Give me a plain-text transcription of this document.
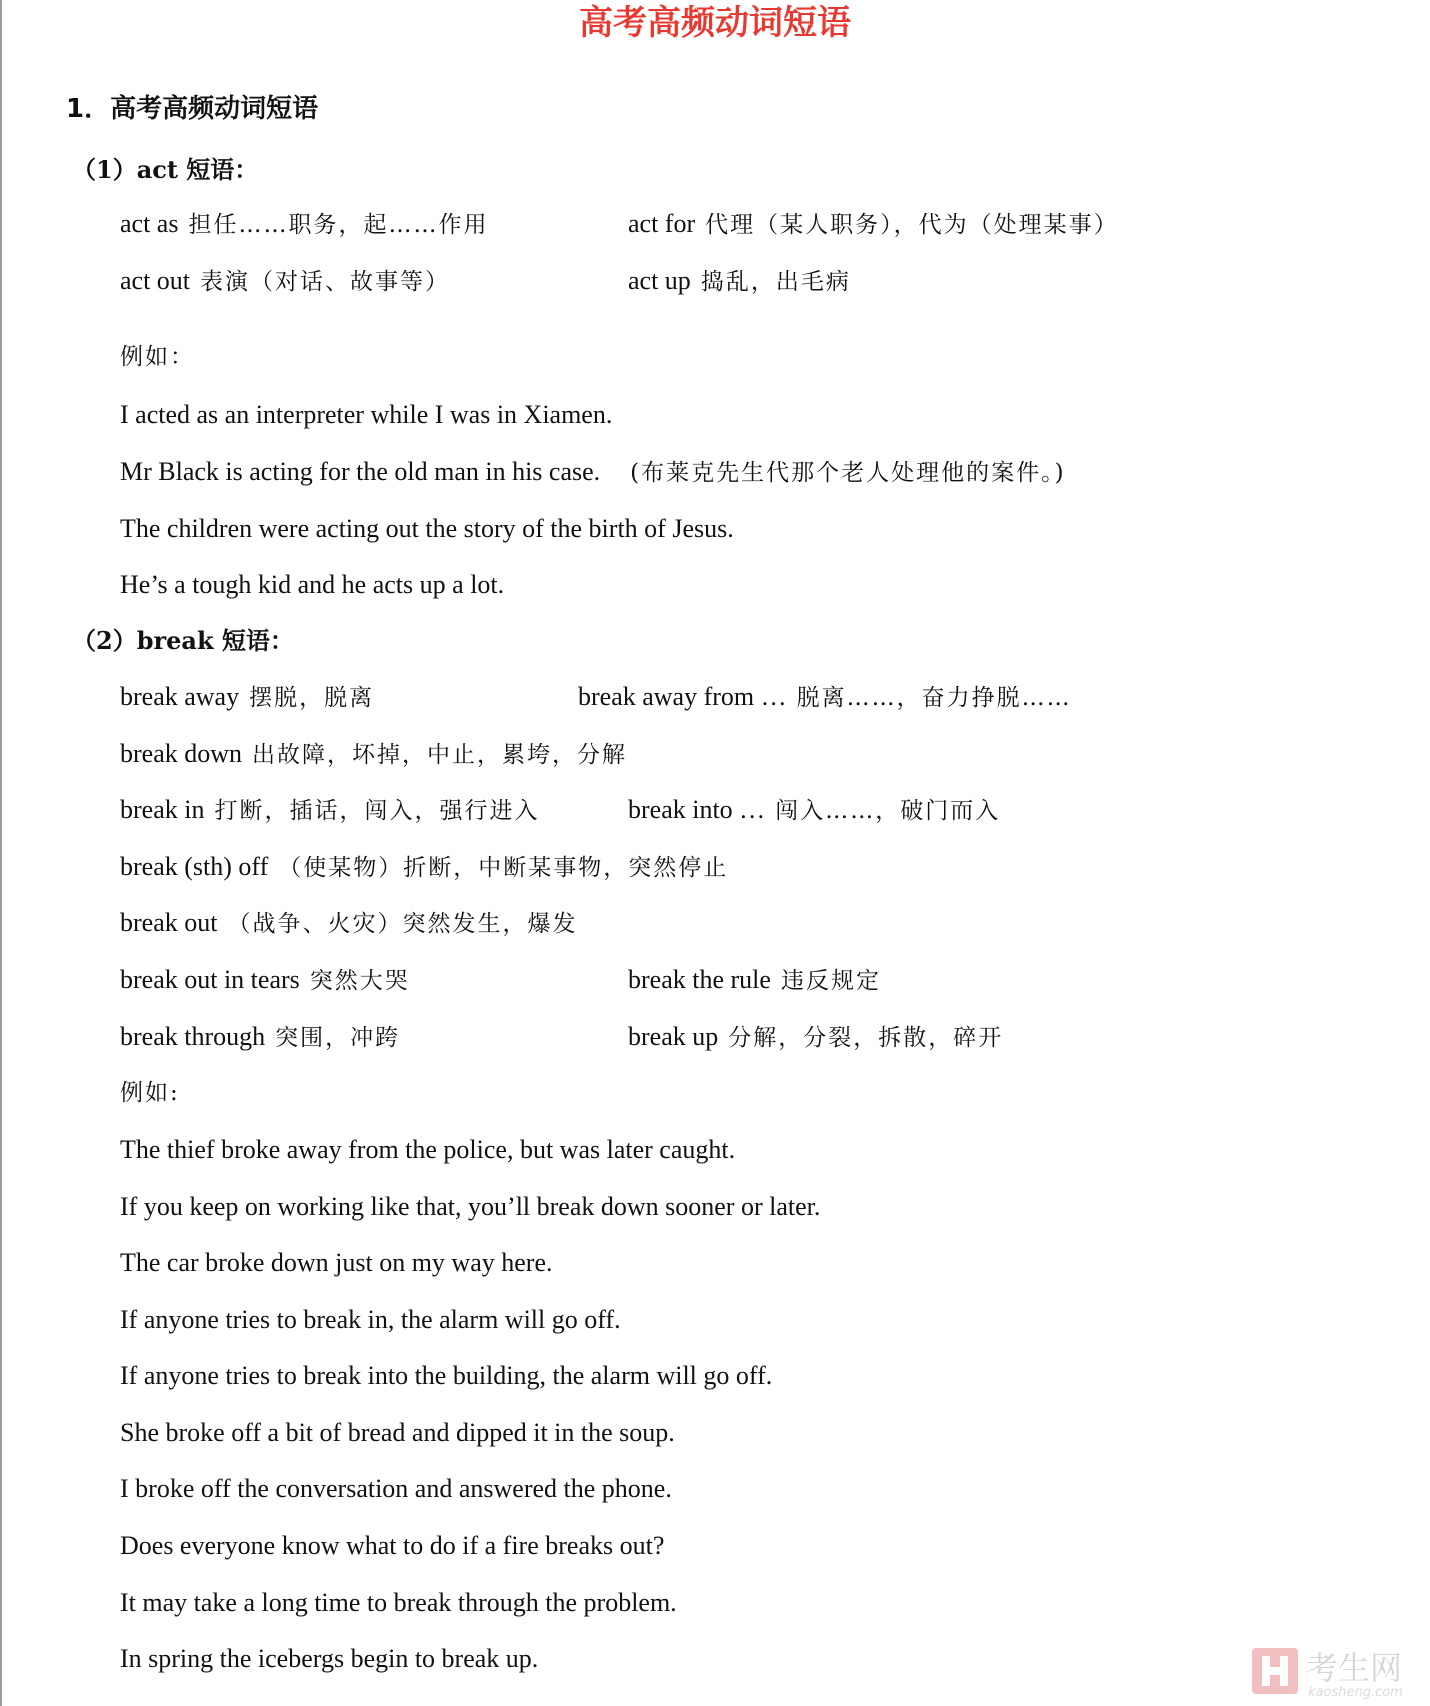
高考高频动词短语
1．高考高频动词短语
（1）act 短语：
act as 担任……职务，起……作用	act for 代理（某人职务），代为（处理某事）
act out 表演（对话、故事等）	act up 捣乱，出毛病
例如：
I acted as an interpreter while I was in Xiamen.
Mr Black is acting for the old man in his case. (布莱克先生代那个老人处理他的案件。)
The children were acting out the story of the birth of Jesus.
He’s a tough kid and he acts up a lot.
（2）break 短语：
break away 摆脱，脱离	break away from … 脱离……，奋力挣脱……
break down 出故障，坏掉，中止，累垮，分解
break in 打断，插话，闯入，强行进入	break into … 闯入……，破门而入
break (sth) off （使某物）折断，中断某事物，突然停止
break out （战争、火灾）突然发生，爆发
break out in tears 突然大哭	break the rule 违反规定
break through 突围，冲跨	break up 分解，分裂，拆散，碎开
例如:
The thief broke away from the police, but was later caught.
If you keep on working like that, you’ll break down sooner or later.
The car broke down just on my way here.
If anyone tries to break in, the alarm will go off.
If anyone tries to break into the building, the alarm will go off.
She broke off a bit of bread and dipped it in the soup.
I broke off the conversation and answered the phone.
Does everyone know what to do if a fire breaks out?
It may take a long time to break through the problem.
In spring the icebergs begin to break up.	考生网
kaosheng.com
